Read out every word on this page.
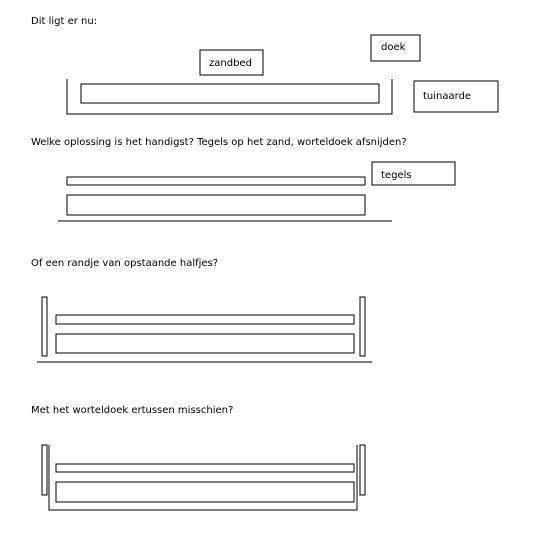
Dit ligt er nu:
zandbed
doek
tuinaarde
Welke oplossing is het handigst? Tegels op het zand, worteldoek afsnijden?
tegels
Of een randje van opstaande halfjes?
Met het worteldoek ertussen misschien?
